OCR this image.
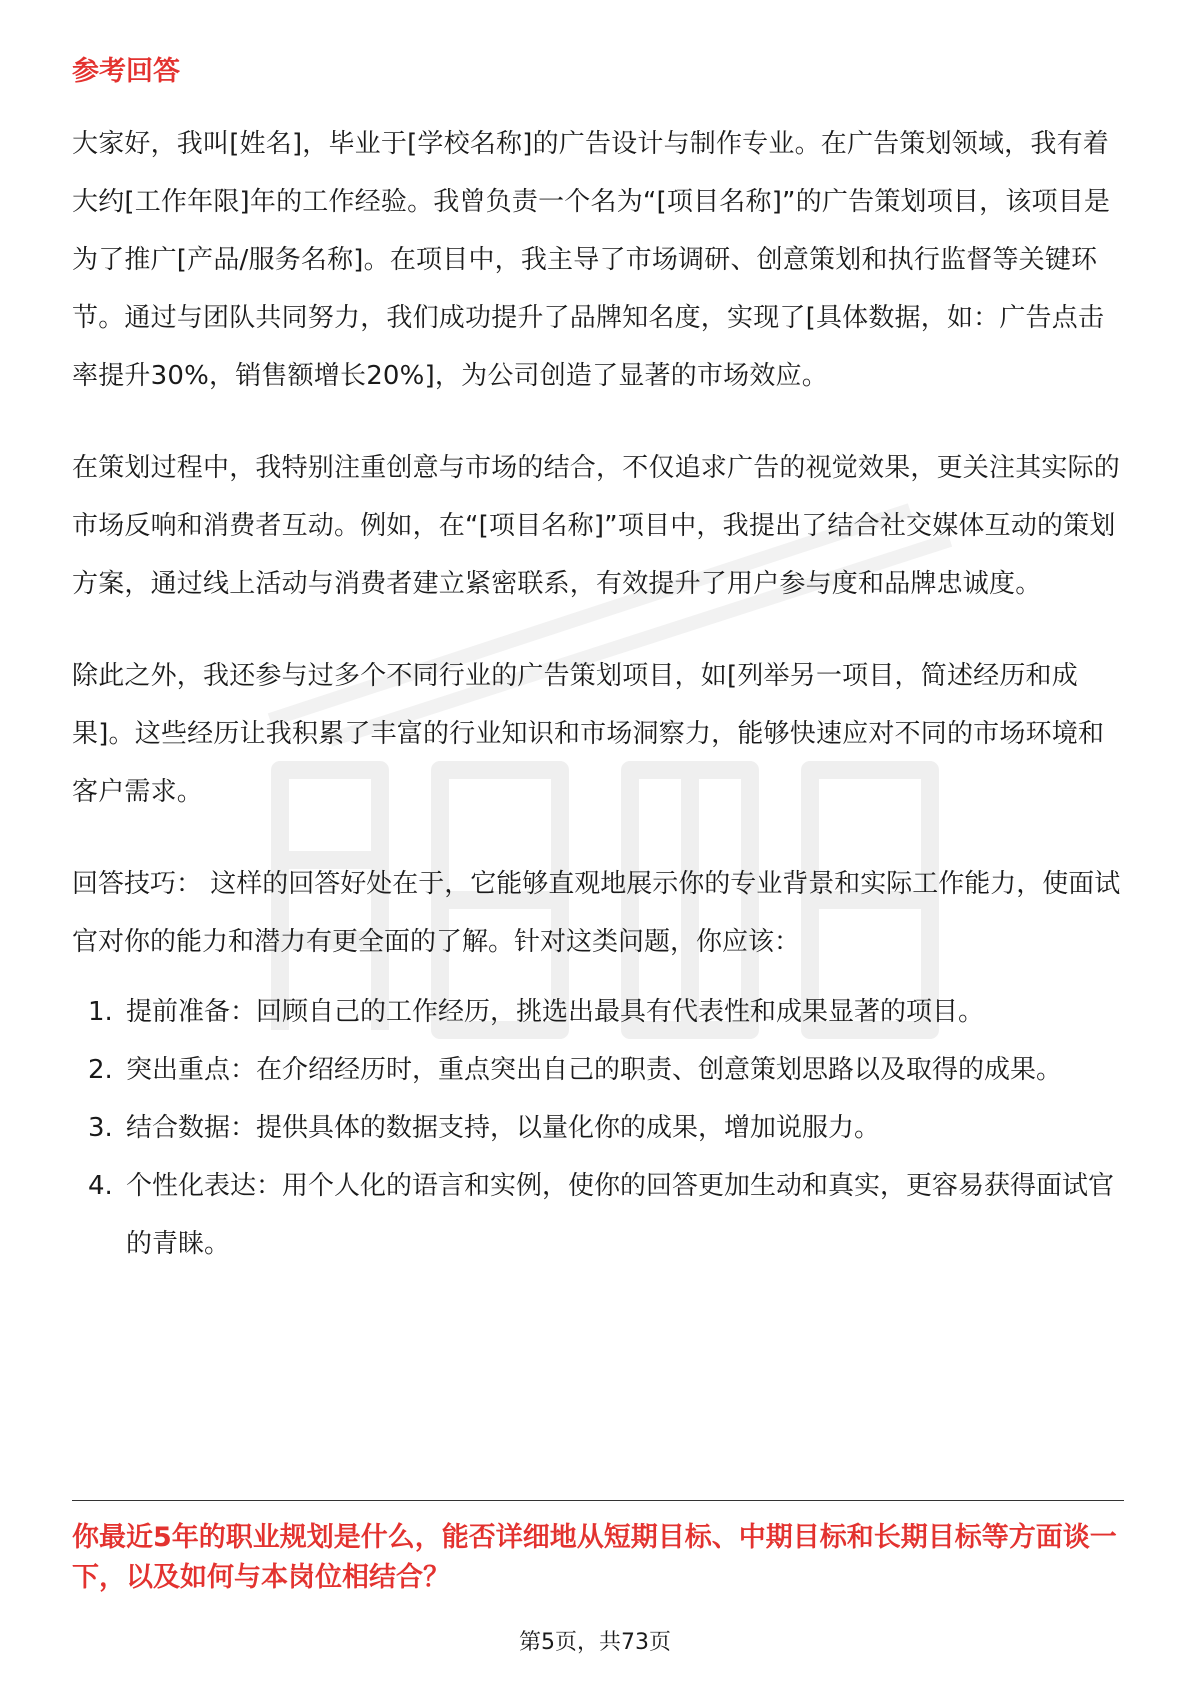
参考回答

大家好，我叫[姓名]，毕业于[学校名称]的广告设计与制作专业。在广告策划领域，我有着大约[工作年限]年的工作经验。我曾负责一个名为“[项目名称]”的广告策划项目，该项目是为了推广[产品/服务名称]。在项目中，我主导了市场调研、创意策划和执行监督等关键环节。通过与团队共同努力，我们成功提升了品牌知名度，实现了[具体数据，如：广告点击率提升30%，销售额增长20%]，为公司创造了显著的市场效应。

在策划过程中，我特别注重创意与市场的结合，不仅追求广告的视觉效果，更关注其实际的市场反响和消费者互动。例如，在“[项目名称]”项目中，我提出了结合社交媒体互动的策划方案，通过线上活动与消费者建立紧密联系，有效提升了用户参与度和品牌忠诚度。

除此之外，我还参与过多个不同行业的广告策划项目，如[列举另一项目，简述经历和成果]。这些经历让我积累了丰富的行业知识和市场洞察力，能够快速应对不同的市场环境和客户需求。

回答技巧： 这样的回答好处在于，它能够直观地展示你的专业背景和实际工作能力，使面试官对你的能力和潜力有更全面的了解。针对这类问题，你应该：

1. 提前准备：回顾自己的工作经历，挑选出最具有代表性和成果显著的项目。
2. 突出重点：在介绍经历时，重点突出自己的职责、创意策划思路以及取得的成果。
3. 结合数据：提供具体的数据支持，以量化你的成果，增加说服力。
4. 个性化表达：用个人化的语言和实例，使你的回答更加生动和真实，更容易获得面试官的青睐。
你最近5年的职业规划是什么，能否详细地从短期目标、中期目标和长期目标等方面谈一下，以及如何与本岗位相结合？
第5页，共73页
